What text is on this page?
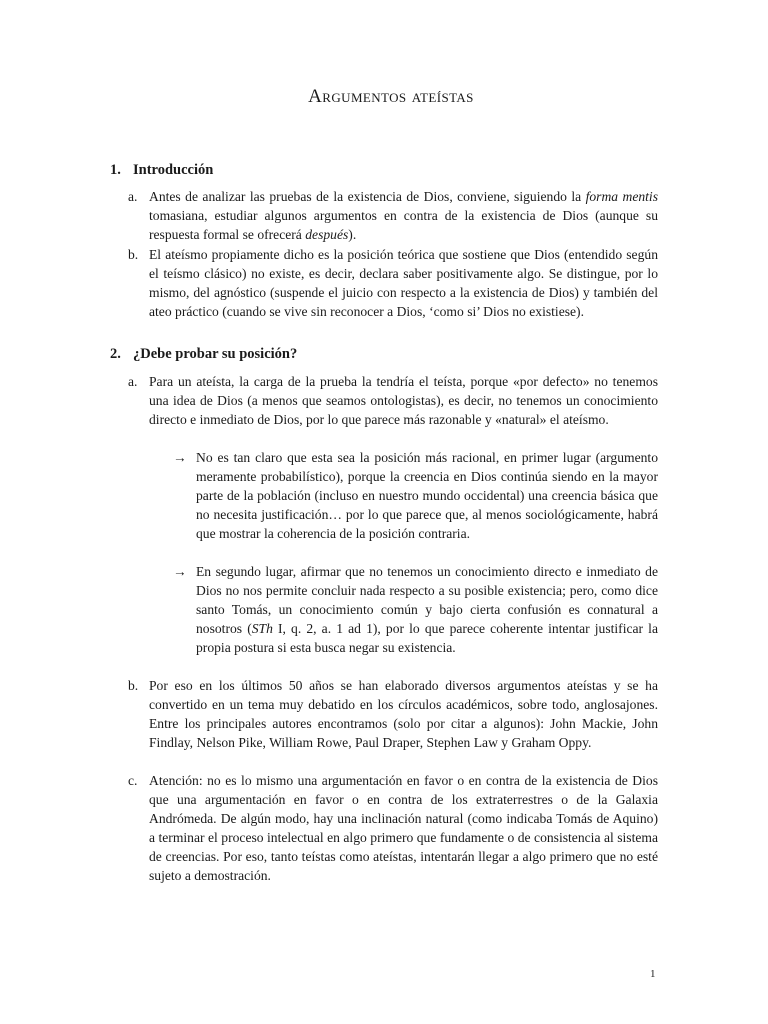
Argumentos ateístas
1. Introducción
a. Antes de analizar las pruebas de la existencia de Dios, conviene, siguiendo la forma mentis tomasiana, estudiar algunos argumentos en contra de la existencia de Dios (aunque su respuesta formal se ofrecerá después).
b. El ateísmo propiamente dicho es la posición teórica que sostiene que Dios (entendido según el teísmo clásico) no existe, es decir, declara saber positivamente algo. Se distingue, por lo mismo, del agnóstico (suspende el juicio con respecto a la existencia de Dios) y también del ateo práctico (cuando se vive sin reconocer a Dios, ‘como si’ Dios no existiese).
2. ¿Debe probar su posición?
a. Para un ateísta, la carga de la prueba la tendría el teísta, porque «por defecto» no tenemos una idea de Dios (a menos que seamos ontologistas), es decir, no tenemos un conocimiento directo e inmediato de Dios, por lo que parece más razonable y «natural» el ateísmo.
→ No es tan claro que esta sea la posición más racional, en primer lugar (argumento meramente probabilístico), porque la creencia en Dios continúa siendo en la mayor parte de la población (incluso en nuestro mundo occidental) una creencia básica que no necesita justificación… por lo que parece que, al menos sociológicamente, habrá que mostrar la coherencia de la posición contraria.
→ En segundo lugar, afirmar que no tenemos un conocimiento directo e inmediato de Dios no nos permite concluir nada respecto a su posible existencia; pero, como dice santo Tomás, un conocimiento común y bajo cierta confusión es connatural a nosotros (STh I, q. 2, a. 1 ad 1), por lo que parece coherente intentar justificar la propia postura si esta busca negar su existencia.
b. Por eso en los últimos 50 años se han elaborado diversos argumentos ateístas y se ha convertido en un tema muy debatido en los círculos académicos, sobre todo, anglosajones. Entre los principales autores encontramos (solo por citar a algunos): John Mackie, John Findlay, Nelson Pike, William Rowe, Paul Draper, Stephen Law y Graham Oppy.
c. Atención: no es lo mismo una argumentación en favor o en contra de la existencia de Dios que una argumentación en favor o en contra de los extraterrestres o de la Galaxia Andrómeda. De algún modo, hay una inclinación natural (como indicaba Tomás de Aquino) a terminar el proceso intelectual en algo primero que fundamente o de consistencia al sistema de creencias. Por eso, tanto teístas como ateístas, intentarán llegar a algo primero que no esté sujeto a demostración.
1
